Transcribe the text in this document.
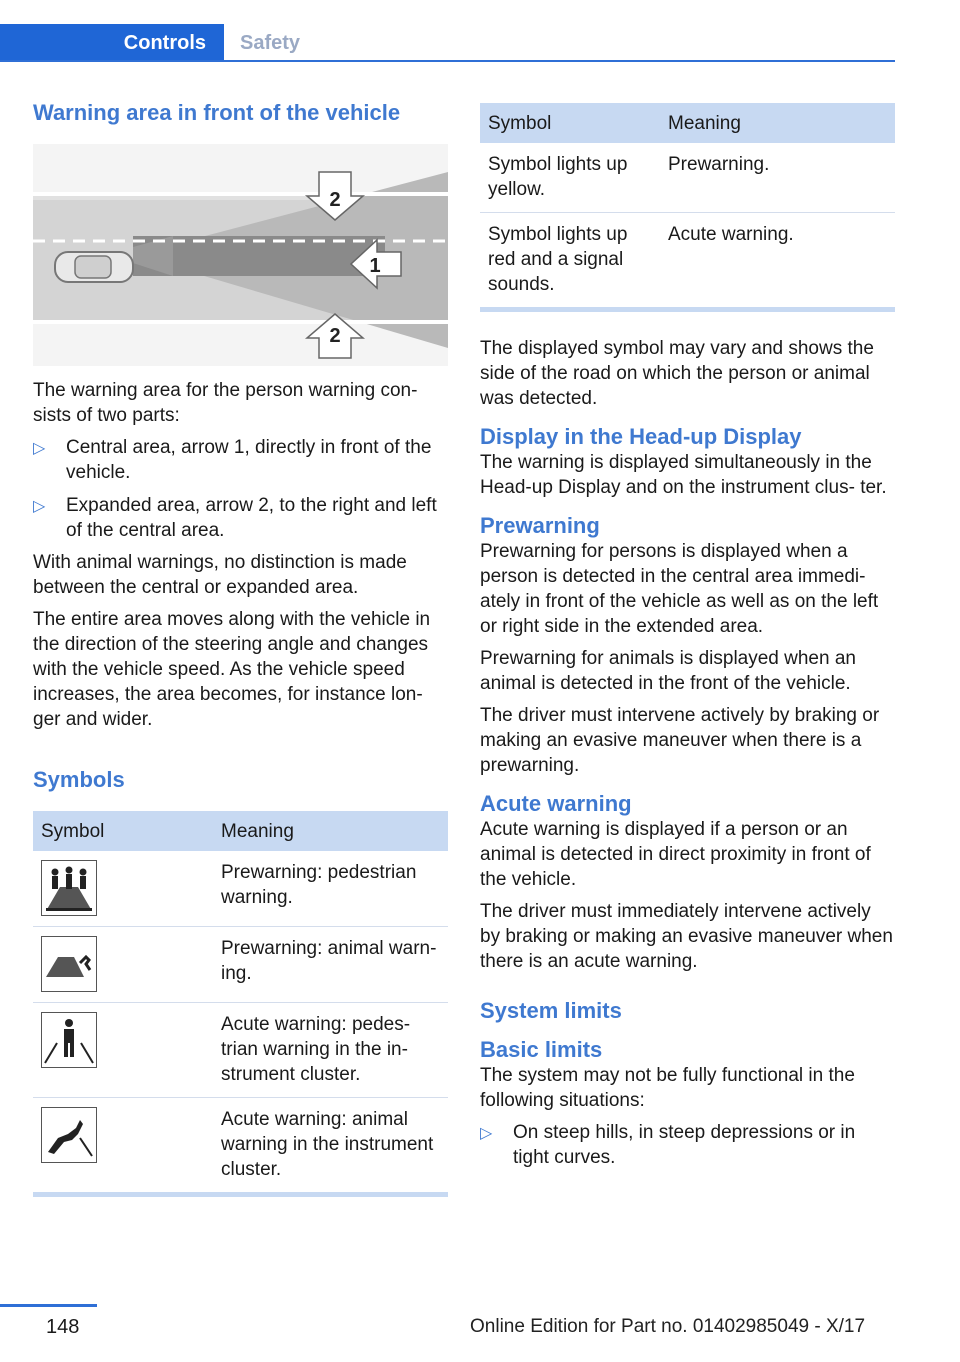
Controls	Safety
Warning area in front of the vehicle
2
1
2

The warning area for the person warning con- sists of two parts:

▷ Central area, arrow 1, directly in front of the vehicle.
▷ Expanded area, arrow 2, to the right and left of the central area.

With animal warnings, no distinction is made between the central or expanded area.

The entire area moves along with the vehicle in the direction of the steering angle and changes with the vehicle speed. As the vehicle speed increases, the area becomes, for instance lon- ger and wider.

Symbols
Symbol	Meaning

	Prewarning: pedestrian warning.

	Prewarning: animal warn- ing.

	Acute warning: pedes- trian warning in the in- strument cluster.

	Acute warning: animal warning in the instrument cluster.

Symbol	Meaning
Symbol lights up yellow.	Prewarning.
Symbol lights up red and a signal sounds.	Acute warning.

The displayed symbol may vary and shows the side of the road on which the person or animal was detected.

Display in the Head-up Display

The warning is displayed simultaneously in the Head-up Display and on the instrument clus- ter.

Prewarning

Prewarning for persons is displayed when a person is detected in the central area immedi- ately in front of the vehicle as well as on the left or right side in the extended area.

Prewarning for animals is displayed when an animal is detected in the front of the vehicle.

The driver must intervene actively by braking or making an evasive maneuver when there is a prewarning.

Acute warning

Acute warning is displayed if a person or an animal is detected in direct proximity in front of the vehicle.

The driver must immediately intervene actively by braking or making an evasive maneuver when there is an acute warning.

System limits
Basic limits

The system may not be fully functional in the following situations:

▷ On steep hills, in steep depressions or in tight curves.
148	Online Edition for Part no. 01402985049 - X/17
